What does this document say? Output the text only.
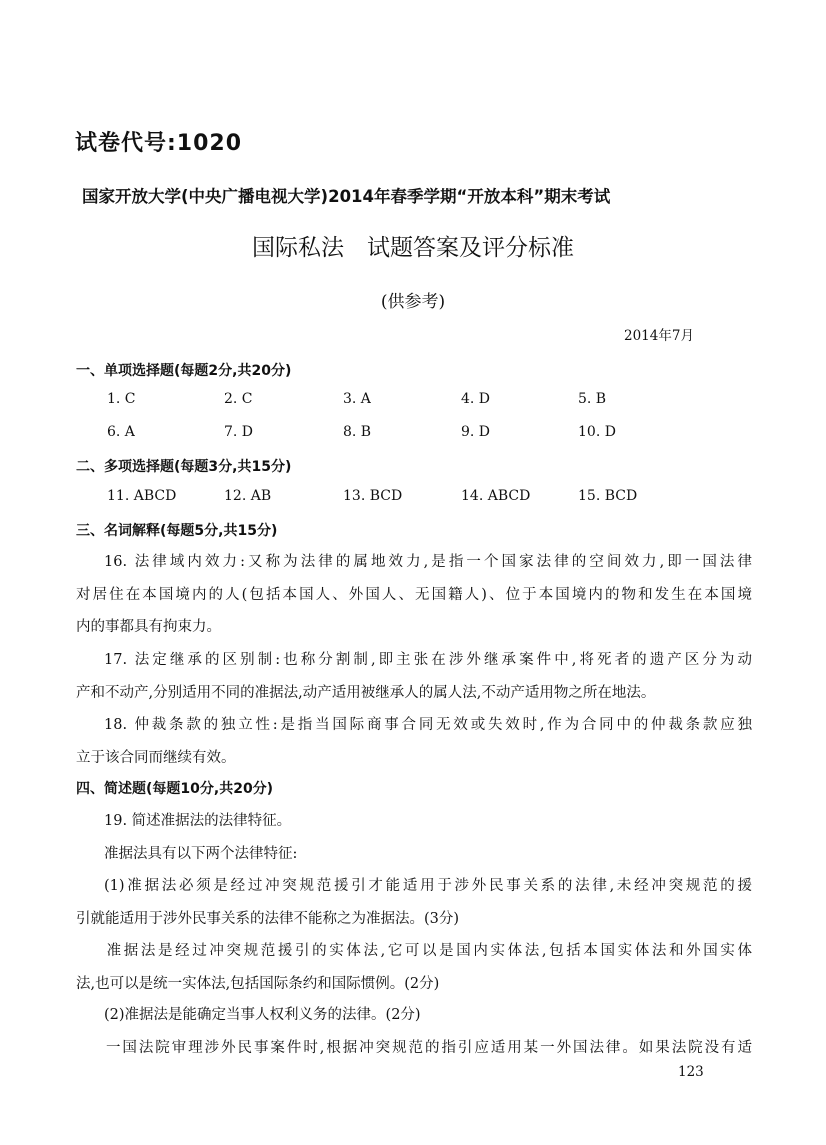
试卷代号:1020
国家开放大学(中央广播电视大学)2014年春季学期“开放本科”期末考试
国际私法　试题答案及评分标准
(供参考)
2014年7月
一、单项选择题(每题2分,共20分)
1. C	2. C	3. A	4. D	5. B
6. A	7. D	8. B	9. D	10. D
二、多项选择题(每题3分,共15分)
11. ABCD	12. AB	13. BCD	14. ABCD	15. BCD
三、名词解释(每题5分,共15分)
16. 法律域内效力:又称为法律的属地效力,是指一个国家法律的空间效力,即一国法律
对居住在本国境内的人(包括本国人、外国人、无国籍人)、位于本国境内的物和发生在本国境
内的事都具有拘束力。
17. 法定继承的区别制:也称分割制,即主张在涉外继承案件中,将死者的遗产区分为动
产和不动产,分别适用不同的准据法,动产适用被继承人的属人法,不动产适用物之所在地法。
18. 仲裁条款的独立性:是指当国际商事合同无效或失效时,作为合同中的仲裁条款应独
立于该合同而继续有效。
四、简述题(每题10分,共20分)
19. 简述准据法的法律特征。
准据法具有以下两个法律特征:
(1)准据法必须是经过冲突规范援引才能适用于涉外民事关系的法律,未经冲突规范的援
引就能适用于涉外民事关系的法律不能称之为准据法。(3分)
准据法是经过冲突规范援引的实体法,它可以是国内实体法,包括本国实体法和外国实体
法,也可以是统一实体法,包括国际条约和国际惯例。(2分)
(2)准据法是能确定当事人权利义务的法律。(2分)
一国法院审理涉外民事案件时,根据冲突规范的指引应适用某一外国法律。如果法院没有适
123
